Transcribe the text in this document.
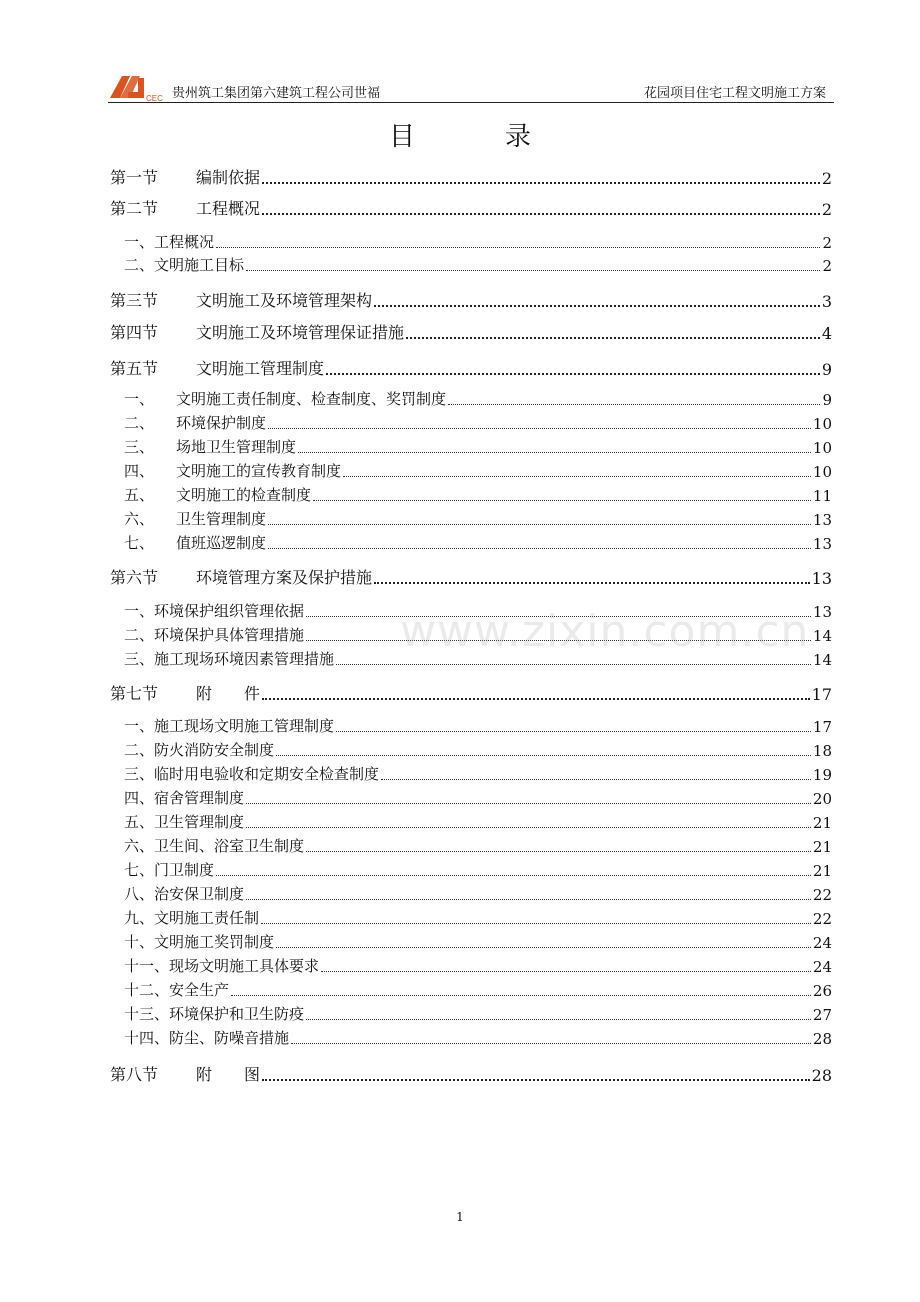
CEC 贵州筑工集团第六建筑工程公司世福	花园项目住宅工程文明施工方案
目	录
第一节	编制依据	2
第二节	工程概况	2
一、 工程概况	2
二、 文明施工目标	2
第三节	文明施工及环境管理架构	3
第四节	文明施工及环境管理保证措施	4
第五节	文明施工管理制度	9
一、	文明施工责任制度、检查制度、奖罚制度	9
二、	环境保护制度	10
三、	场地卫生管理制度	10
四、	文明施工的宣传教育制度	10
五、	文明施工的检查制度	11
六、	卫生管理制度	13
七、	值班巡逻制度	13
第六节	环境管理方案及保护措施	13
一、 环境保护组织管理依据	13
二、 环境保护具体管理措施	14
三、 施工现场环境因素管理措施	14
第七节	附　　件	17
一、 施工现场文明施工管理制度	17
二、 防火消防安全制度	18
三、 临时用电验收和定期安全检查制度	19
四、 宿舍管理制度	20
五、 卫生管理制度	21
六、 卫生间、浴室卫生制度	21
七、 门卫制度	21
八、 治安保卫制度	22
九、 文明施工责任制	22
十、 文明施工奖罚制度	24
十一、 现场文明施工具体要求	24
十二、 安全生产	26
十三、 环境保护和卫生防疫	27
十四、 防尘、防噪音措施	28
第八节	附　　图	28
www.zixin.com.cn
1
